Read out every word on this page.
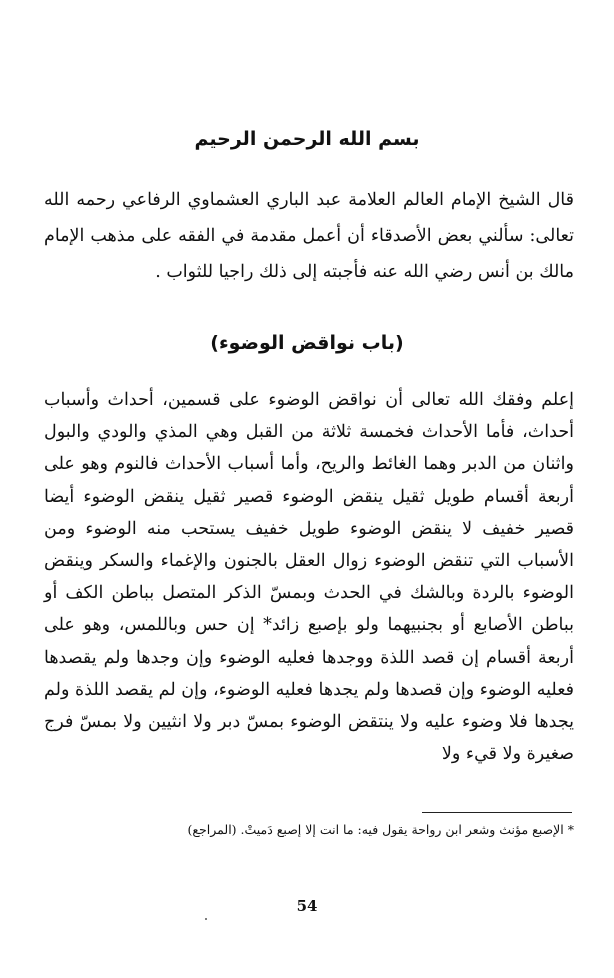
بسم الله الرحمن الرحيم

قال الشيخ الإمام العالم العلامة عبد الباري العشماوي الرفاعي رحمه الله تعالى: سألني بعض الأصدقاء أن أعمل مقدمة في الفقه على مذهب الإمام مالك بن أنس رضي الله عنه فأجبته إلى ذلك راجيا للثواب .

(باب نواقض الوضوء)

إعلم وفقك الله تعالى أن نواقض الوضوء على قسمين، أحداث وأسباب أحداث، فأما الأحداث فخمسة ثلاثة من القبل وهي المذي والودي والبول واثنان من الدبر وهما الغائط والريح، وأما أسباب الأحداث فالنوم وهو على أربعة أقسام طويل ثقيل ينقض الوضوء قصير ثقيل ينقض الوضوء أيضا قصير خفيف لا ينقض الوضوء طويل خفيف يستحب منه الوضوء ومن الأسباب التي تنقض الوضوء زوال العقل بالجنون والإغماء والسكر وينقض الوضوء بالردة وبالشك في الحدث وبمسّ الذكر المتصل بباطن الكف أو بباطن الأصابع أو بجنبيهما ولو بإصبع زائد* إن حس وباللمس، وهو على أربعة أقسام إن قصد اللذة ووجدها فعليه الوضوء وإن وجدها ولم يقصدها فعليه الوضوء وإن قصدها ولم يجدها فعليه الوضوء، وإن لم يقصد اللذة ولم يجدها فلا وضوء عليه ولا ينتقض الوضوء بمسّ دبر ولا انثيين ولا بمسّ فرج صغيرة ولا قيء ولا

* الإصبع مؤنث وشعر ابن رواحة يقول فيه: ما انت إلا إصبع دَميتْ. (المراجع)

54
